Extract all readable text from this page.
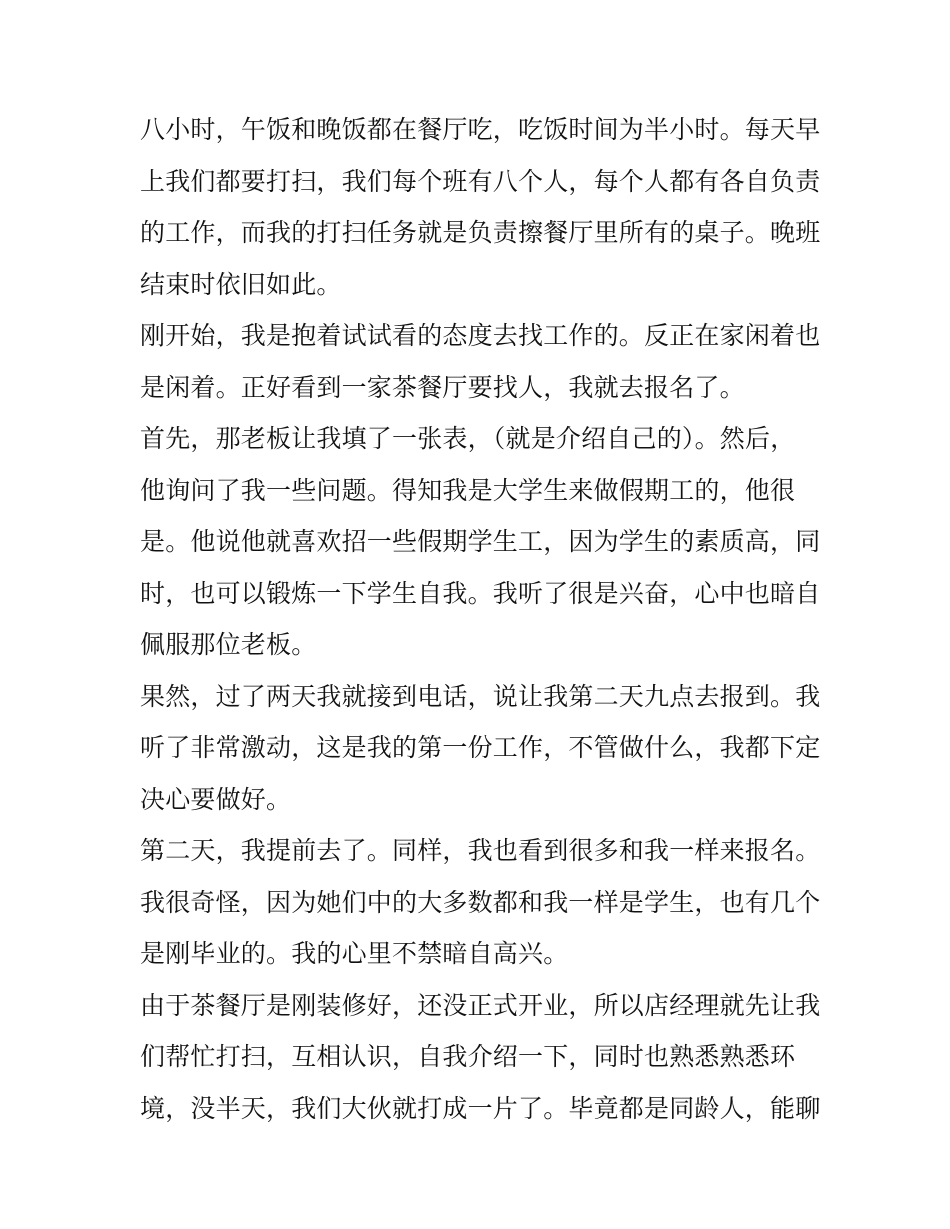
八小时，午饭和晚饭都在餐厅吃，吃饭时间为半小时。每天早
上我们都要打扫，我们每个班有八个人，每个人都有各自负责
的工作，而我的打扫任务就是负责擦餐厅里所有的桌子。晚班
结束时依旧如此。
刚开始，我是抱着试试看的态度去找工作的。反正在家闲着也
是闲着。正好看到一家茶餐厅要找人，我就去报名了。
首先，那老板让我填了一张表，（就是介绍自己的）。然后，
他询问了我一些问题。得知我是大学生来做假期工的，他很
是。他说他就喜欢招一些假期学生工，因为学生的素质高，同
时，也可以锻炼一下学生自我。我听了很是兴奋，心中也暗自
佩服那位老板。
果然，过了两天我就接到电话，说让我第二天九点去报到。我
听了非常激动，这是我的第一份工作，不管做什么，我都下定
决心要做好。
第二天，我提前去了。同样，我也看到很多和我一样来报名。
我很奇怪，因为她们中的大多数都和我一样是学生，也有几个
是刚毕业的。我的心里不禁暗自高兴。
由于茶餐厅是刚装修好，还没正式开业，所以店经理就先让我
们帮忙打扫，互相认识，自我介绍一下，同时也熟悉熟悉环
境，没半天，我们大伙就打成一片了。毕竟都是同龄人，能聊
